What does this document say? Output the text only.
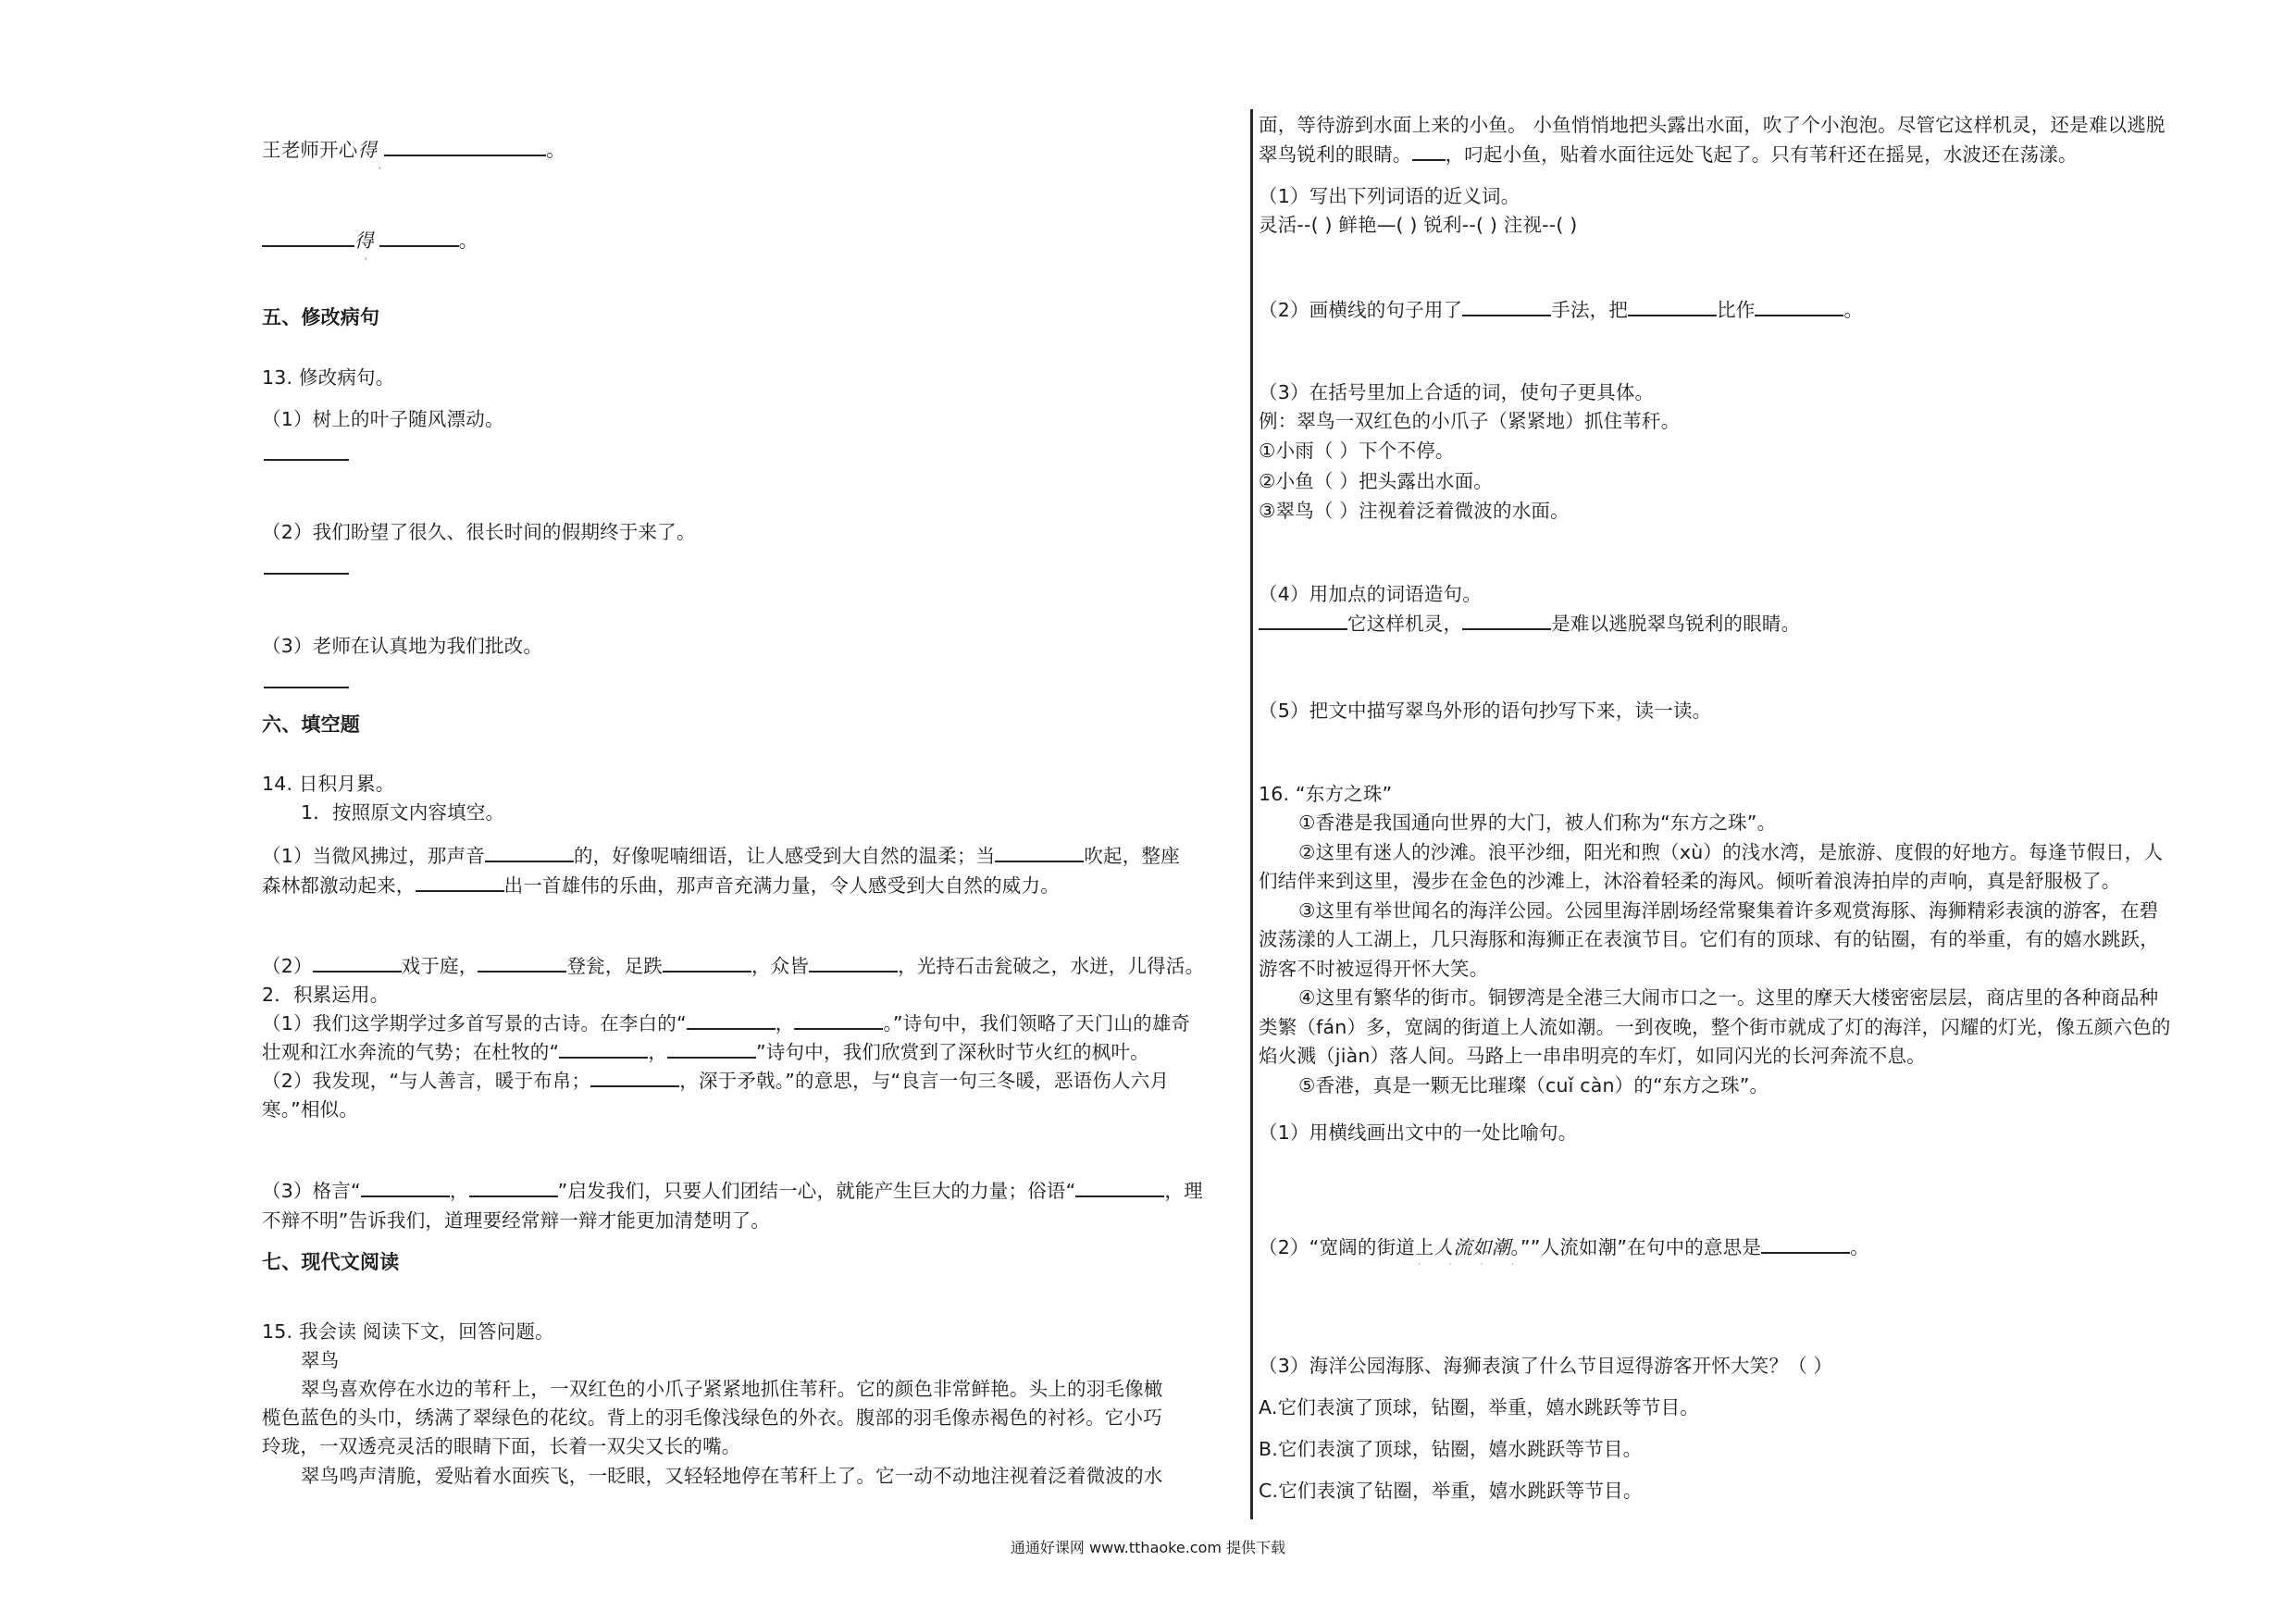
王老师开心得	。
'
得	。
'
五、修改病句
13. 修改病句。
（1）树上的叶子随风漂动。
（2）我们盼望了很久、很长时间的假期终于来了。
（3）老师在认真地为我们批改。
六、填空题
14. 日积月累。
1．按照原文内容填空。
（1）当微风拂过，那声音	的，好像呢喃细语，让人感受到大自然的温柔；当	吹起，整座
森林都激动起来，	出一首雄伟的乐曲，那声音充满力量，令人感受到大自然的威力。
（2）	戏于庭，	登瓮，足跌	，众皆	，光持石击瓮破之，水迸，儿得活。
2．积累运用。
（1）我们这学期学过多首写景的古诗。在李白的“	，	。”诗句中，我们领略了天门山的雄奇
壮观和江水奔流的气势；在杜牧的“	，	”诗句中，我们欣赏到了深秋时节火红的枫叶。
（2）我发现，“与人善言，暖于布帛；	，深于矛戟。”的意思，与“良言一句三冬暖，恶语伤人六月
寒。”相似。
（3）格言“	，	”启发我们，只要人们团结一心，就能产生巨大的力量；俗语“	，理
不辩不明”告诉我们，道理要经常辩一辩才能更加清楚明了。
七、现代文阅读
15. 我会读 阅读下文，回答问题。
翠鸟
翠鸟喜欢停在水边的苇秆上，一双红色的小爪子紧紧地抓住苇秆。它的颜色非常鲜艳。头上的羽毛像橄
榄色蓝色的头巾，绣满了翠绿色的花纹。背上的羽毛像浅绿色的外衣。腹部的羽毛像赤褐色的衬衫。它小巧
玲珑，一双透亮灵活的眼睛下面，长着一双尖又长的嘴。
翠鸟鸣声清脆，爱贴着水面疾飞，一眨眼，又轻轻地停在苇秆上了。它一动不动地注视着泛着微波的水
面，等待游到水面上来的小鱼。 小鱼悄悄地把头露出水面，吹了个小泡泡。尽管它这样机灵，还是难以逃脱
翠鸟锐利的眼睛。 ，叼起小鱼，贴着水面往远处飞起了。只有苇秆还在摇晃，水波还在荡漾。
（1）写出下列词语的近义词。
灵活--( ) 鲜艳—( ) 锐利--( ) 注视--( )
（2）画横线的句子用了	手法，把	比作	。
（3）在括号里加上合适的词，使句子更具体。
例：翠鸟一双红色的小爪子（紧紧地）抓住苇秆。
①小雨（ ）下个不停。
②小鱼（ ）把头露出水面。
③翠鸟（ ）注视着泛着微波的水面。
（4）用加点的词语造句。
它这样机灵，	是难以逃脱翠鸟锐利的眼睛。
（5）把文中描写翠鸟外形的语句抄写下来，读一读。
16. “东方之珠”
①香港是我国通向世界的大门，被人们称为“东方之珠”。
②这里有迷人的沙滩。浪平沙细，阳光和煦（xù）的浅水湾，是旅游、度假的好地方。每逢节假日，人
们结伴来到这里，漫步在金色的沙滩上，沐浴着轻柔的海风。倾听着浪涛拍岸的声响，真是舒服极了。
③这里有举世闻名的海洋公园。公园里海洋剧场经常聚集着许多观赏海豚、海狮精彩表演的游客，在碧
波荡漾的人工湖上，几只海豚和海狮正在表演节目。它们有的顶球、有的钻圈，有的举重，有的嬉水跳跃，
游客不时被逗得开怀大笑。
④这里有繁华的街市。铜锣湾是全港三大闹市口之一。这里的摩天大楼密密层层，商店里的各种商品种
类繁（fán）多，宽阔的街道上人流如潮。一到夜晚，整个街市就成了灯的海洋，闪耀的灯光，像五颜六色的
焰火溅（jiàn）落人间。马路上一串串明亮的车灯，如同闪光的长河奔流不息。
⑤香港，真是一颗无比璀璨（cuǐ càn）的“东方之珠”。
（1）用横线画出文中的一处比喻句。
（2）“宽阔的街道上人流如潮。””人流如潮”在句中的意思是	。
· · · ·
（3）海洋公园海豚、海狮表演了什么节目逗得游客开怀大笑？（ ）
A.它们表演了顶球，钻圈，举重，嬉水跳跃等节目。
B.它们表演了顶球，钻圈，嬉水跳跃等节目。
C.它们表演了钻圈，举重，嬉水跳跃等节目。
通通好课网 www.tthaoke.com 提供下载
